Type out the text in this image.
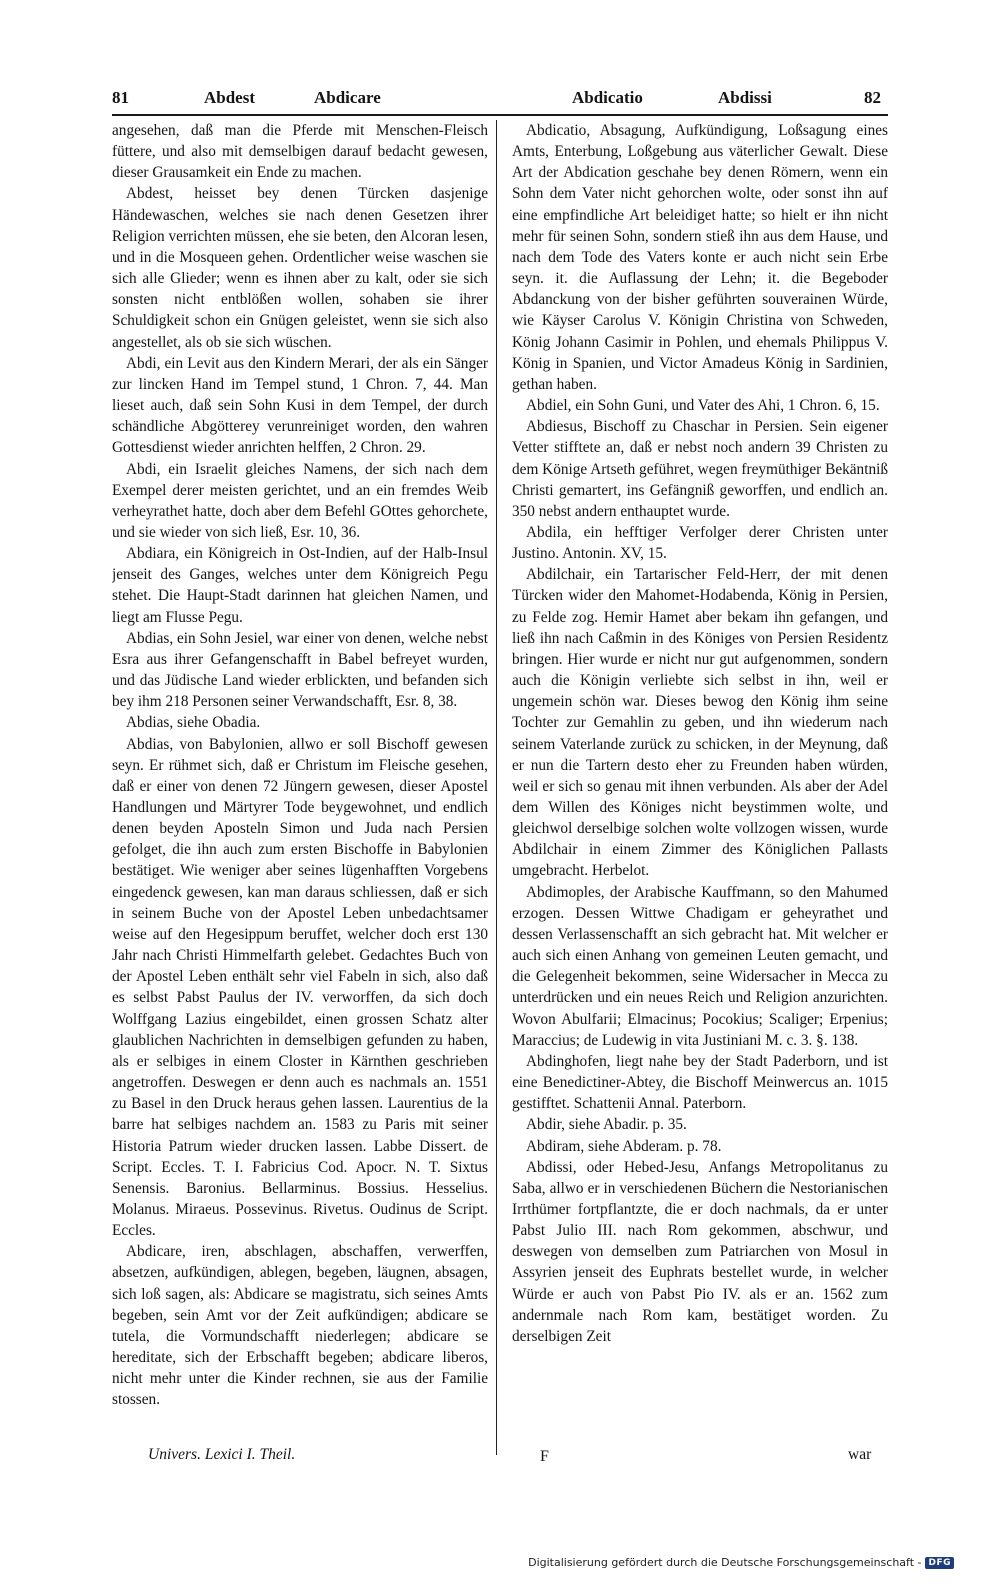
81	Abdest	Abdicare	Abdicatio	Abdissi	82

angesehen, daß man die Pferde mit Menschen-Fleisch füttere, und also mit demselbigen darauf bedacht gewesen, dieser Grausamkeit ein Ende zu machen.

Abdest, heisset bey denen Türcken dasjenige Händewaschen, welches sie nach denen Gesetzen ihrer Religion verrichten müssen, ehe sie beten, den Alcoran lesen, und in die Mosqueen gehen. Ordentlicher weise waschen sie sich alle Glieder; wenn es ihnen aber zu kalt, oder sie sich sonsten nicht entblößen wollen, sohaben sie ihrer Schuldigkeit schon ein Gnügen geleistet, wenn sie sich also angestellet, als ob sie sich wüschen.

Abdi, ein Levit aus den Kindern Merari, der als ein Sänger zur lincken Hand im Tempel stund, 1 Chron. 7, 44. Man lieset auch, daß sein Sohn Kusi in dem Tempel, der durch schändliche Abgötterey verunreiniget worden, den wahren Gottesdienst wieder anrichten helffen, 2 Chron. 29.

Abdi, ein Israelit gleiches Namens, der sich nach dem Exempel derer meisten gerichtet, und an ein fremdes Weib verheyrathet hatte, doch aber dem Befehl GOttes gehorchete, und sie wieder von sich ließ, Esr. 10, 36.

Abdiara, ein Königreich in Ost-Indien, auf der Halb-Insul jenseit des Ganges, welches unter dem Königreich Pegu stehet. Die Haupt-Stadt darinnen hat gleichen Namen, und liegt am Flusse Pegu.

Abdias, ein Sohn Jesiel, war einer von denen, welche nebst Esra aus ihrer Gefangenschafft in Babel befreyet wurden, und das Jüdische Land wieder erblickten, und befanden sich bey ihm 218 Personen seiner Verwandschafft, Esr. 8, 38.

Abdias, siehe Obadia.

Abdias, von Babylonien, allwo er soll Bischoff gewesen seyn. Er rühmet sich, daß er Christum im Fleische gesehen, daß er einer von denen 72 Jüngern gewesen, dieser Apostel Handlungen und Märtyrer Tode beygewohnet, und endlich denen beyden Aposteln Simon und Juda nach Persien gefolget, die ihn auch zum ersten Bischoffe in Babylonien bestätiget. Wie weniger aber seines lügenhafften Vorgebens eingedenck gewesen, kan man daraus schliessen, daß er sich in seinem Buche von der Apostel Leben unbedachtsamer weise auf den Hegesippum beruffet, welcher doch erst 130 Jahr nach Christi Himmelfarth gelebet. Gedachtes Buch von der Apostel Leben enthält sehr viel Fabeln in sich, also daß es selbst Pabst Paulus der IV. verworffen, da sich doch Wolffgang Lazius eingebildet, einen grossen Schatz alter glaublichen Nachrichten in demselbigen gefunden zu haben, als er selbiges in einem Closter in Kärnthen geschrieben angetroffen. Deswegen er denn auch es nachmals an. 1551 zu Basel in den Druck heraus gehen lassen. Laurentius de la barre hat selbiges nachdem an. 1583 zu Paris mit seiner Historia Patrum wieder drucken lassen. Labbe Dissert. de Script. Eccles. T. I. Fabricius Cod. Apocr. N. T. Sixtus Senensis. Baronius. Bellarminus. Bossius. Hesselius. Molanus. Miraeus. Possevinus. Rivetus. Oudinus de Script. Eccles.

Abdicare, iren, abschlagen, abschaffen, verwerffen, absetzen, aufkündigen, ablegen, begeben, läugnen, absagen, sich loß sagen, als: Abdicare se magistratu, sich seines Amts begeben, sein Amt vor der Zeit aufkündigen; abdicare se tutela, die Vormundschafft niederlegen; abdicare se hereditate, sich der Erbschafft begeben; abdicare liberos, nicht mehr unter die Kinder rechnen, sie aus der Familie stossen.

Abdicatio, Absagung, Aufkündigung, Loßsagung eines Amts, Enterbung, Loßgebung aus väterlicher Gewalt. Diese Art der Abdication geschahe bey denen Römern, wenn ein Sohn dem Vater nicht gehorchen wolte, oder sonst ihn auf eine empfindliche Art beleidiget hatte; so hielt er ihn nicht mehr für seinen Sohn, sondern stieß ihn aus dem Hause, und nach dem Tode des Vaters konte er auch nicht sein Erbe seyn. it. die Auflassung der Lehn; it. die Begeboder Abdanckung von der bisher geführten souverainen Würde, wie Käyser Carolus V. Königin Christina von Schweden, König Johann Casimir in Pohlen, und ehemals Philippus V. König in Spanien, und Victor Amadeus König in Sardinien, gethan haben.

Abdiel, ein Sohn Guni, und Vater des Ahi, 1 Chron. 6, 15.

Abdiesus, Bischoff zu Chaschar in Persien. Sein eigener Vetter stifftete an, daß er nebst noch andern 39 Christen zu dem Könige Artseth geführet, wegen freymüthiger Bekäntniß Christi gemartert, ins Gefängniß geworffen, und endlich an. 350 nebst andern enthauptet wurde.

Abdila, ein hefftiger Verfolger derer Christen unter Justino. Antonin. XV, 15.

Abdilchair, ein Tartarischer Feld-Herr, der mit denen Türcken wider den Mahomet-Hodabenda, König in Persien, zu Felde zog. Hemir Hamet aber bekam ihn gefangen, und ließ ihn nach Caßmin in des Königes von Persien Residentz bringen. Hier wurde er nicht nur gut aufgenommen, sondern auch die Königin verliebte sich selbst in ihn, weil er ungemein schön war. Dieses bewog den König ihm seine Tochter zur Gemahlin zu geben, und ihn wiederum nach seinem Vaterlande zurück zu schicken, in der Meynung, daß er nun die Tartern desto eher zu Freunden haben würden, weil er sich so genau mit ihnen verbunden. Als aber der Adel dem Willen des Königes nicht beystimmen wolte, und gleichwol derselbige solchen wolte vollzogen wissen, wurde Abdilchair in einem Zimmer des Königlichen Pallasts umgebracht. Herbelot.

Abdimoples, der Arabische Kauffmann, so den Mahumed erzogen. Dessen Wittwe Chadigam er geheyrathet und dessen Verlassenschafft an sich gebracht hat. Mit welcher er auch sich einen Anhang von gemeinen Leuten gemacht, und die Gelegenheit bekommen, seine Widersacher in Mecca zu unterdrücken und ein neues Reich und Religion anzurichten. Wovon Abulfarii; Elmacinus; Pocokius; Scaliger; Erpenius; Maraccius; de Ludewig in vita Justiniani M. c. 3. §. 138.

Abdinghofen, liegt nahe bey der Stadt Paderborn, und ist eine Benedictiner-Abtey, die Bischoff Meinwercus an. 1015 gestifftet. Schattenii Annal. Paterborn.

Abdir, siehe Abadir. p. 35.

Abdiram, siehe Abderam. p. 78.

Abdissi, oder Hebed-Jesu, Anfangs Metropolitanus zu Saba, allwo er in verschiedenen Büchern die Nestorianischen Irrthümer fortpflantzte, die er doch nachmals, da er unter Pabst Julio III. nach Rom gekommen, abschwur, und deswegen von demselben zum Patriarchen von Mosul in Assyrien jenseit des Euphrats bestellet wurde, in welcher Würde er auch von Pabst Pio IV. als er an. 1562 zum andernmale nach Rom kam, bestätiget worden. Zu derselbigen Zeit

Univers. Lexici I. Theil.	F	war
Digitalisierung gefördert durch die Deutsche Forschungsgemeinschaft - DFG
